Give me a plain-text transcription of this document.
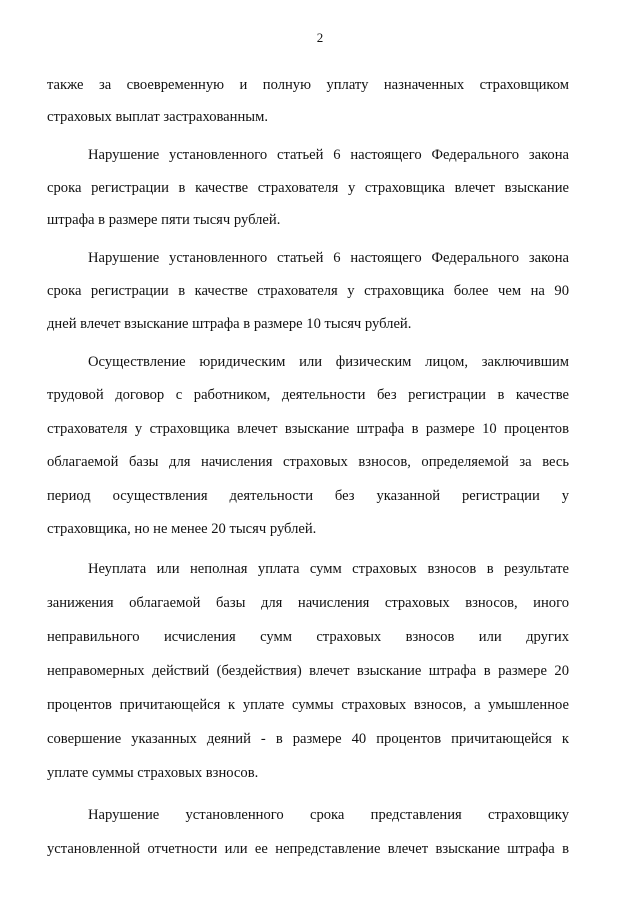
2
также за своевременную и полную уплату назначенных страховщиком
страховых выплат застрахованным.
Нарушение установленного статьей 6 настоящего Федерального закона
срока регистрации в качестве страхователя у страховщика влечет взыскание
штрафа в размере пяти тысяч рублей.
Нарушение установленного статьей 6 настоящего Федерального закона
срока регистрации в качестве страхователя у страховщика более чем на 90
дней влечет взыскание штрафа в размере 10 тысяч рублей.
Осуществление юридическим или физическим лицом, заключившим
трудовой договор с работником, деятельности без регистрации в качестве
страхователя у страховщика влечет взыскание штрафа в размере 10 процентов
облагаемой базы для начисления страховых взносов, определяемой за весь
период осуществления деятельности без указанной регистрации у
страховщика, но не менее 20 тысяч рублей.
Неуплата или неполная уплата сумм страховых взносов в результате
занижения облагаемой базы для начисления страховых взносов, иного
неправильного исчисления сумм страховых взносов или других
неправомерных действий (бездействия) влечет взыскание штрафа в размере 20
процентов причитающейся к уплате суммы страховых взносов, а умышленное
совершение указанных деяний - в размере 40 процентов причитающейся к
уплате суммы страховых взносов.
Нарушение установленного срока представления страховщику
установленной отчетности или ее непредставление влечет взыскание штрафа в
